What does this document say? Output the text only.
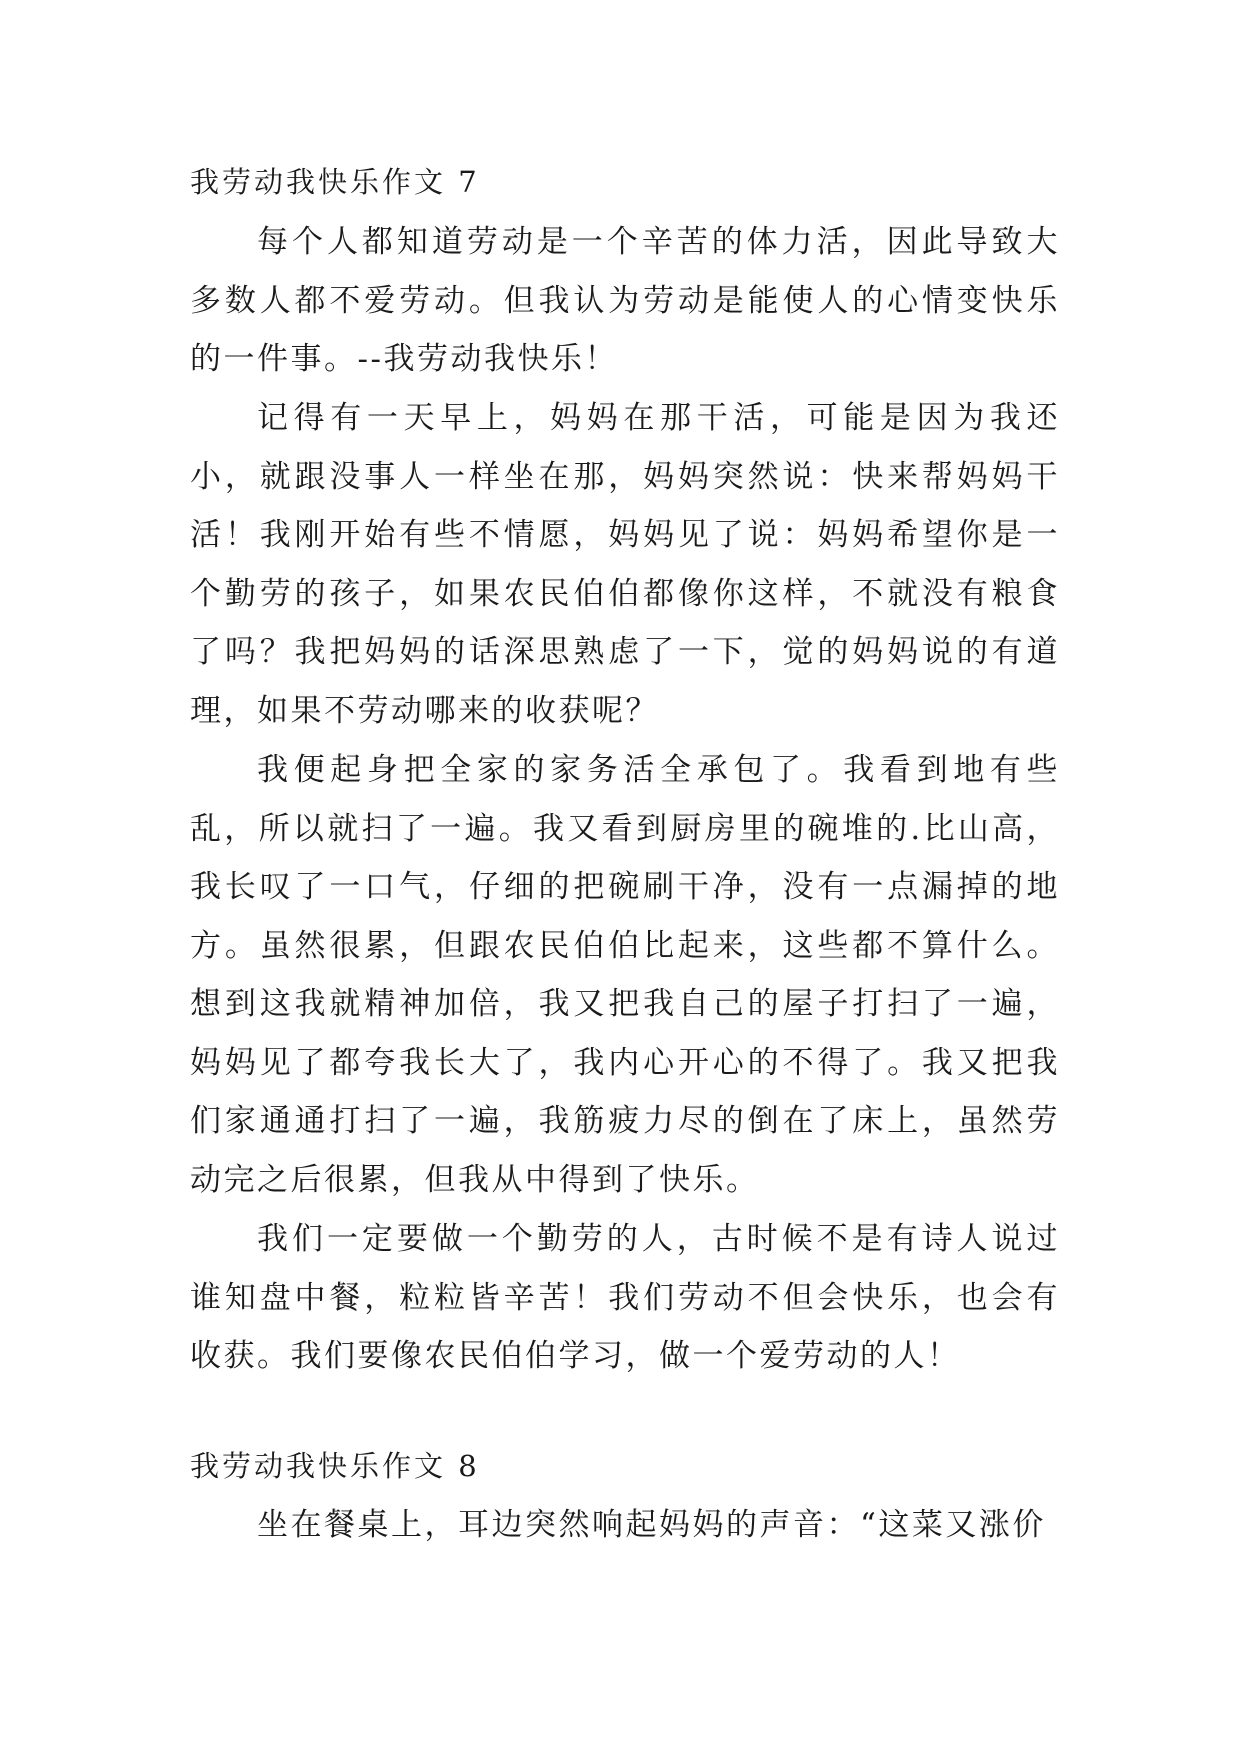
我劳动我快乐作文 7

每个人都知道劳动是一个辛苦的体力活，因此导致大多数人都不爱劳动。但我认为劳动是能使人的心情变快乐的一件事。--我劳动我快乐！

记得有一天早上，妈妈在那干活，可能是因为我还小，就跟没事人一样坐在那，妈妈突然说：快来帮妈妈干活！我刚开始有些不情愿，妈妈见了说：妈妈希望你是一个勤劳的孩子，如果农民伯伯都像你这样，不就没有粮食了吗？我把妈妈的话深思熟虑了一下，觉的妈妈说的有道理，如果不劳动哪来的收获呢？

我便起身把全家的家务活全承包了。我看到地有些乱，所以就扫了一遍。我又看到厨房里的碗堆的.比山高，我长叹了一口气，仔细的把碗刷干净，没有一点漏掉的地方。虽然很累，但跟农民伯伯比起来，这些都不算什么。想到这我就精神加倍，我又把我自己的屋子打扫了一遍，妈妈见了都夸我长大了，我内心开心的不得了。我又把我们家通通打扫了一遍，我筋疲力尽的倒在了床上，虽然劳动完之后很累，但我从中得到了快乐。

我们一定要做一个勤劳的人，古时候不是有诗人说过谁知盘中餐，粒粒皆辛苦！我们劳动不但会快乐，也会有收获。我们要像农民伯伯学习，做一个爱劳动的人！

我劳动我快乐作文 8

坐在餐桌上，耳边突然响起妈妈的声音：“这菜又涨价
